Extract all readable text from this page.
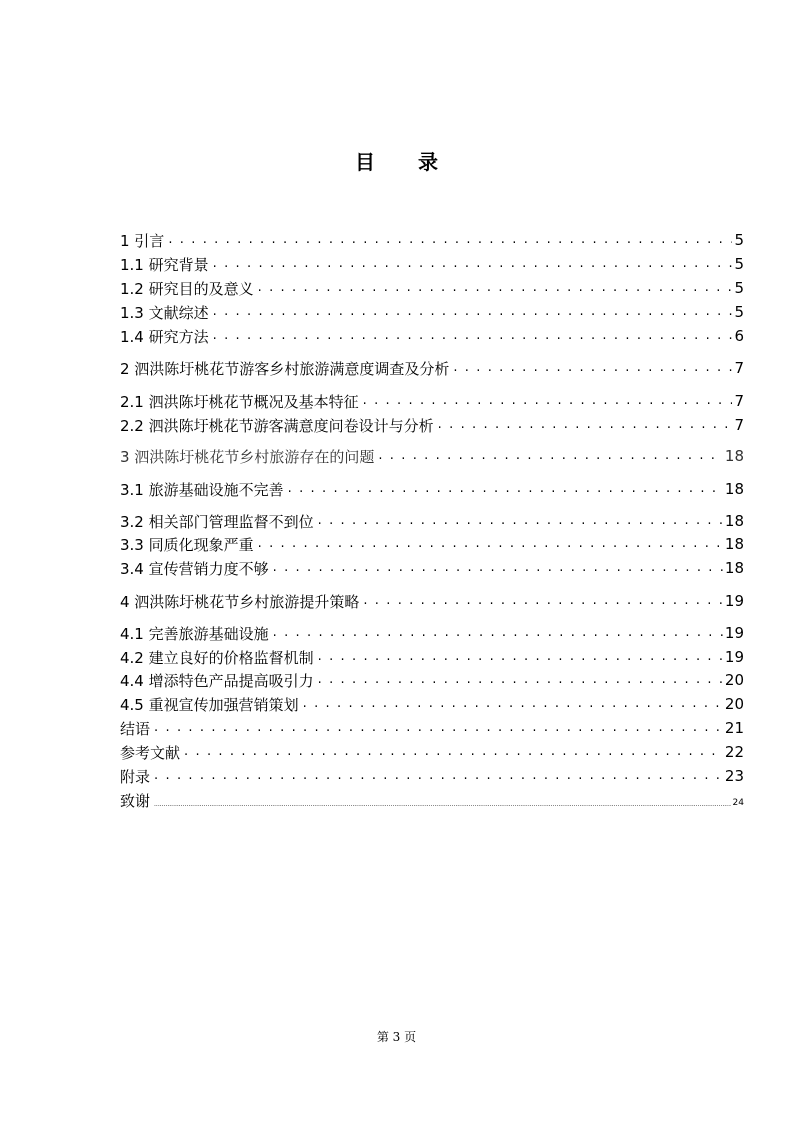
目 录
1 引言 . . .	5
1.1 研究背景 . . .	5
1.2 研究目的及意义 . . .	5
1.3 文献综述 . . .	5
1.4 研究方法 . . .	6
2 泗洪陈圩桃花节游客乡村旅游满意度调查及分析 . . .	7
2.1 泗洪陈圩桃花节概况及基本特征 . . .	7
2.2 泗洪陈圩桃花节游客满意度问卷设计与分析 . . .	7
3 泗洪陈圩桃花节乡村旅游存在的问题 . . .	18
3.1 旅游基础设施不完善 . . .	18
3.2 相关部门管理监督不到位 . . .	18
3.3 同质化现象严重 . . .	18
3.4 宣传营销力度不够 . . .	18
4 泗洪陈圩桃花节乡村旅游提升策略 . . .	19
4.1 完善旅游基础设施 . . .	19
4.2 建立良好的价格监督机制 . . .	19
4.4 增添特色产品提高吸引力 . . .	20
4.5 重视宣传加强营销策划 . . .	20
结语 . . .	21
参考文献 . . .	22
附录 . . .	23
致谢 .....	24
第 3 页
